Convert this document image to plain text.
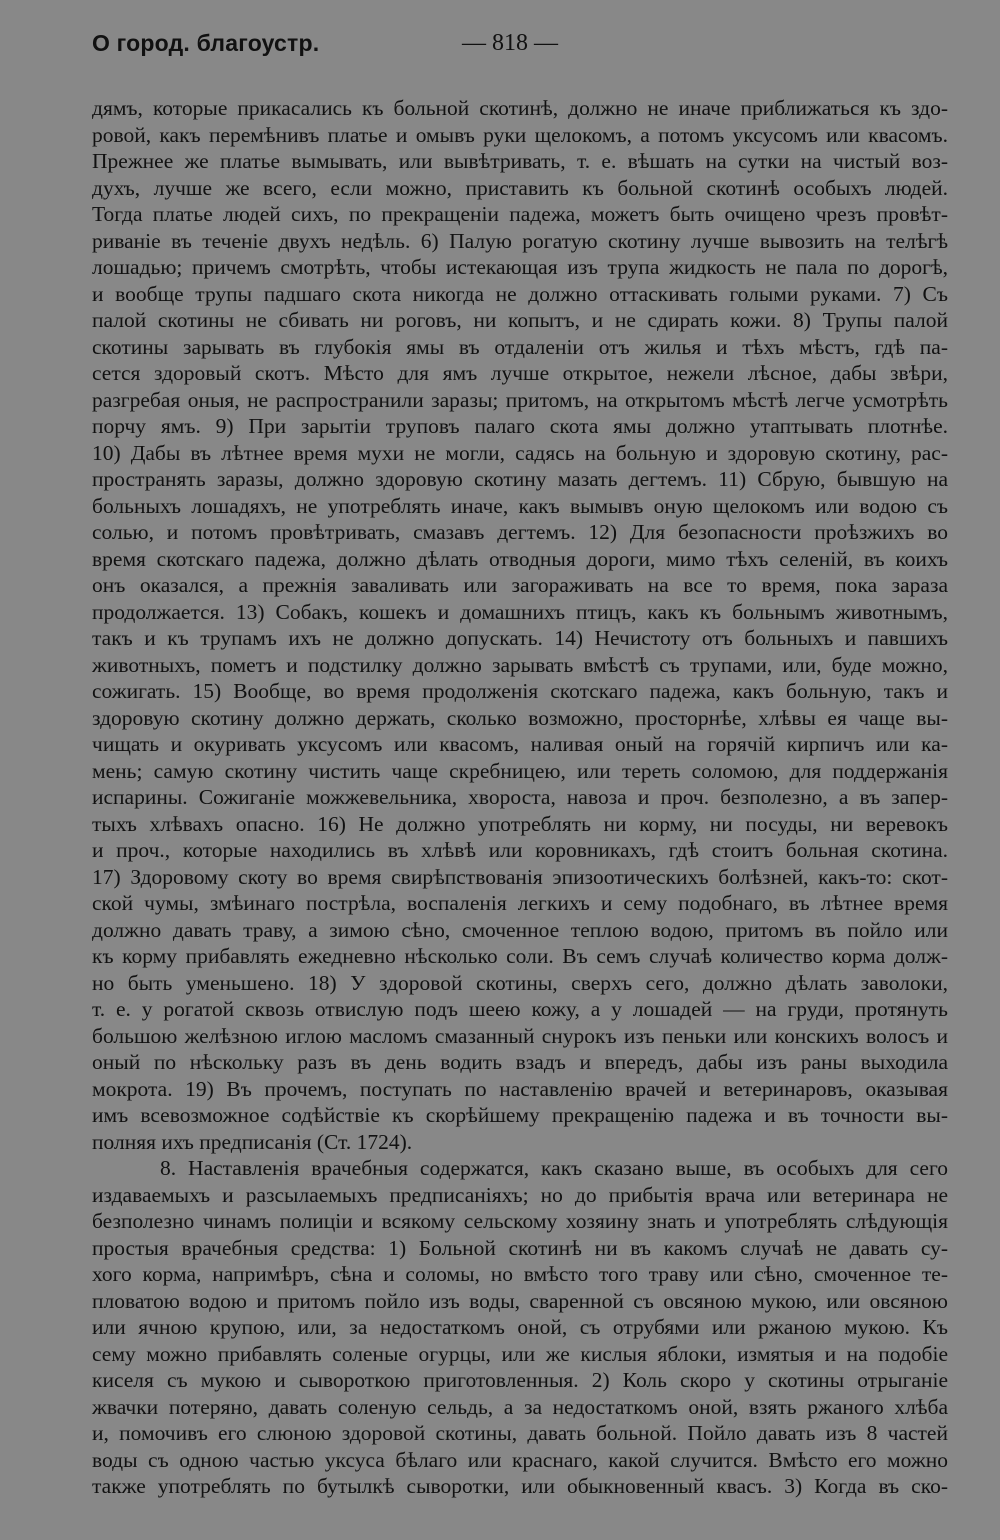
О город. благоустр.	— 818 —
дямъ, которые прикасались къ больной скотинѣ, должно не иначе приближаться къ здо-
ровой, какъ перемѣнивъ платье и омывъ руки щелокомъ, а потомъ уксусомъ или квасомъ.
Прежнее же платье вымывать, или вывѣтривать, т. е. вѣшать на сутки на чистый воз-
духъ, лучше же всего, если можно, приставить къ больной скотинѣ особыхъ людей.
Тогда платье людей сихъ, по прекращеніи падежа, можетъ быть очищено чрезъ провѣт-
риваніе въ теченіе двухъ недѣль. 6) Палую рогатую скотину лучше вывозить на телѣгѣ
лошадью; причемъ смотрѣть, чтобы истекающая изъ трупа жидкость не пала по дорогѣ,
и вообще трупы падшаго скота никогда не должно оттаскивать голыми руками. 7) Съ
палой скотины не сбивать ни роговъ, ни копытъ, и не сдирать кожи. 8) Трупы палой
скотины зарывать въ глубокія ямы въ отдаленіи отъ жилья и тѣхъ мѣстъ, гдѣ па-
сется здоровый скотъ. Мѣсто для ямъ лучше открытое, нежели лѣсное, дабы звѣри,
разгребая оныя, не распространили заразы; притомъ, на открытомъ мѣстѣ легче усмотрѣть
порчу ямъ. 9) При зарытіи труповъ палаго скота ямы должно утаптывать плотнѣе.
10) Дабы въ лѣтнее время мухи не могли, садясь на больную и здоровую скотину, рас-
пространять заразы, должно здоровую скотину мазать дегтемъ. 11) Сбрую, бывшую на
больныхъ лошадяхъ, не употреблять иначе, какъ вымывъ оную щелокомъ или водою съ
солью, и потомъ провѣтривать, смазавъ дегтемъ. 12) Для безопасности проѣзжихъ во
время скотскаго падежа, должно дѣлать отводныя дороги, мимо тѣхъ селеній, въ коихъ
онъ оказался, а прежнія заваливать или загораживать на все то время, пока зараза
продолжается. 13) Собакъ, кошекъ и домашнихъ птицъ, какъ къ больнымъ животнымъ,
такъ и къ трупамъ ихъ не должно допускать. 14) Нечистоту отъ больныхъ и павшихъ
животныхъ, пометъ и подстилку должно зарывать вмѣстѣ съ трупами, или, буде можно,
сожигать. 15) Вообще, во время продолженія скотскаго падежа, какъ больную, такъ и
здоровую скотину должно держать, сколько возможно, просторнѣе, хлѣвы ея чаще вы-
чищать и окуривать уксусомъ или квасомъ, наливая оный на горячій кирпичъ или ка-
мень; самую скотину чистить чаще скребницею, или тереть соломою, для поддержанія
испарины. Сожиганіе можжевельника, хвороста, навоза и проч. безполезно, а въ запер-
тыхъ хлѣвахъ опасно. 16) Не должно употреблять ни корму, ни посуды, ни веревокъ
и проч., которые находились въ хлѣвѣ или коровникахъ, гдѣ стоитъ больная скотина.
17) Здоровому скоту во время свирѣпствованія эпизоотическихъ болѣзней, какъ-то: скот-
ской чумы, змѣинаго пострѣла, воспаленія легкихъ и сему подобнаго, въ лѣтнее время
должно давать траву, а зимою сѣно, смоченное теплою водою, притомъ въ пойло или
къ корму прибавлять ежедневно нѣсколько соли. Въ семъ случаѣ количество корма долж-
но быть уменьшено. 18) У здоровой скотины, сверхъ сего, должно дѣлать заволоки,
т. е. у рогатой сквозь отвислую подъ шеею кожу, а у лошадей — на груди, протянуть
большою желѣзною иглою масломъ смазанный снурокъ изъ пеньки или конскихъ волосъ и
оный по нѣскольку разъ въ день водить взадъ и впередъ, дабы изъ раны выходила
мокрота. 19) Въ прочемъ, поступать по наставленію врачей и ветеринаровъ, оказывая
имъ всевозможное содѣйствіе къ скорѣйшему прекращенію падежа и въ точности вы-
полняя ихъ предписанія (Ст. 1724).
8. Наставленія врачебныя содержатся, какъ сказано выше, въ особыхъ для сего
издаваемыхъ и разсылаемыхъ предписаніяхъ; но до прибытія врача или ветеринара не
безполезно чинамъ полиціи и всякому сельскому хозяину знать и употреблять слѣдующія
простыя врачебныя средства: 1) Больной скотинѣ ни въ какомъ случаѣ не давать су-
хого корма, напримѣръ, сѣна и соломы, но вмѣсто того траву или сѣно, смоченное те-
пловатою водою и притомъ пойло изъ воды, сваренной съ овсяною мукою, или овсяною
или ячною крупою, или, за недостаткомъ оной, съ отрубями или ржаною мукою. Къ
сему можно прибавлять соленые огурцы, или же кислыя яблоки, измятыя и на подобіе
киселя съ мукою и сывороткою приготовленныя. 2) Коль скоро у скотины отрыганіе
жвачки потеряно, давать соленую сельдь, а за недостаткомъ оной, взять ржаного хлѣба
и, помочивъ его слюною здоровой скотины, давать больной. Пойло давать изъ 8 частей
воды съ одною частью уксуса бѣлаго или краснаго, какой случится. Вмѣсто его можно
также употреблять по бутылкѣ сыворотки, или обыкновенный квасъ. 3) Когда въ ско-
